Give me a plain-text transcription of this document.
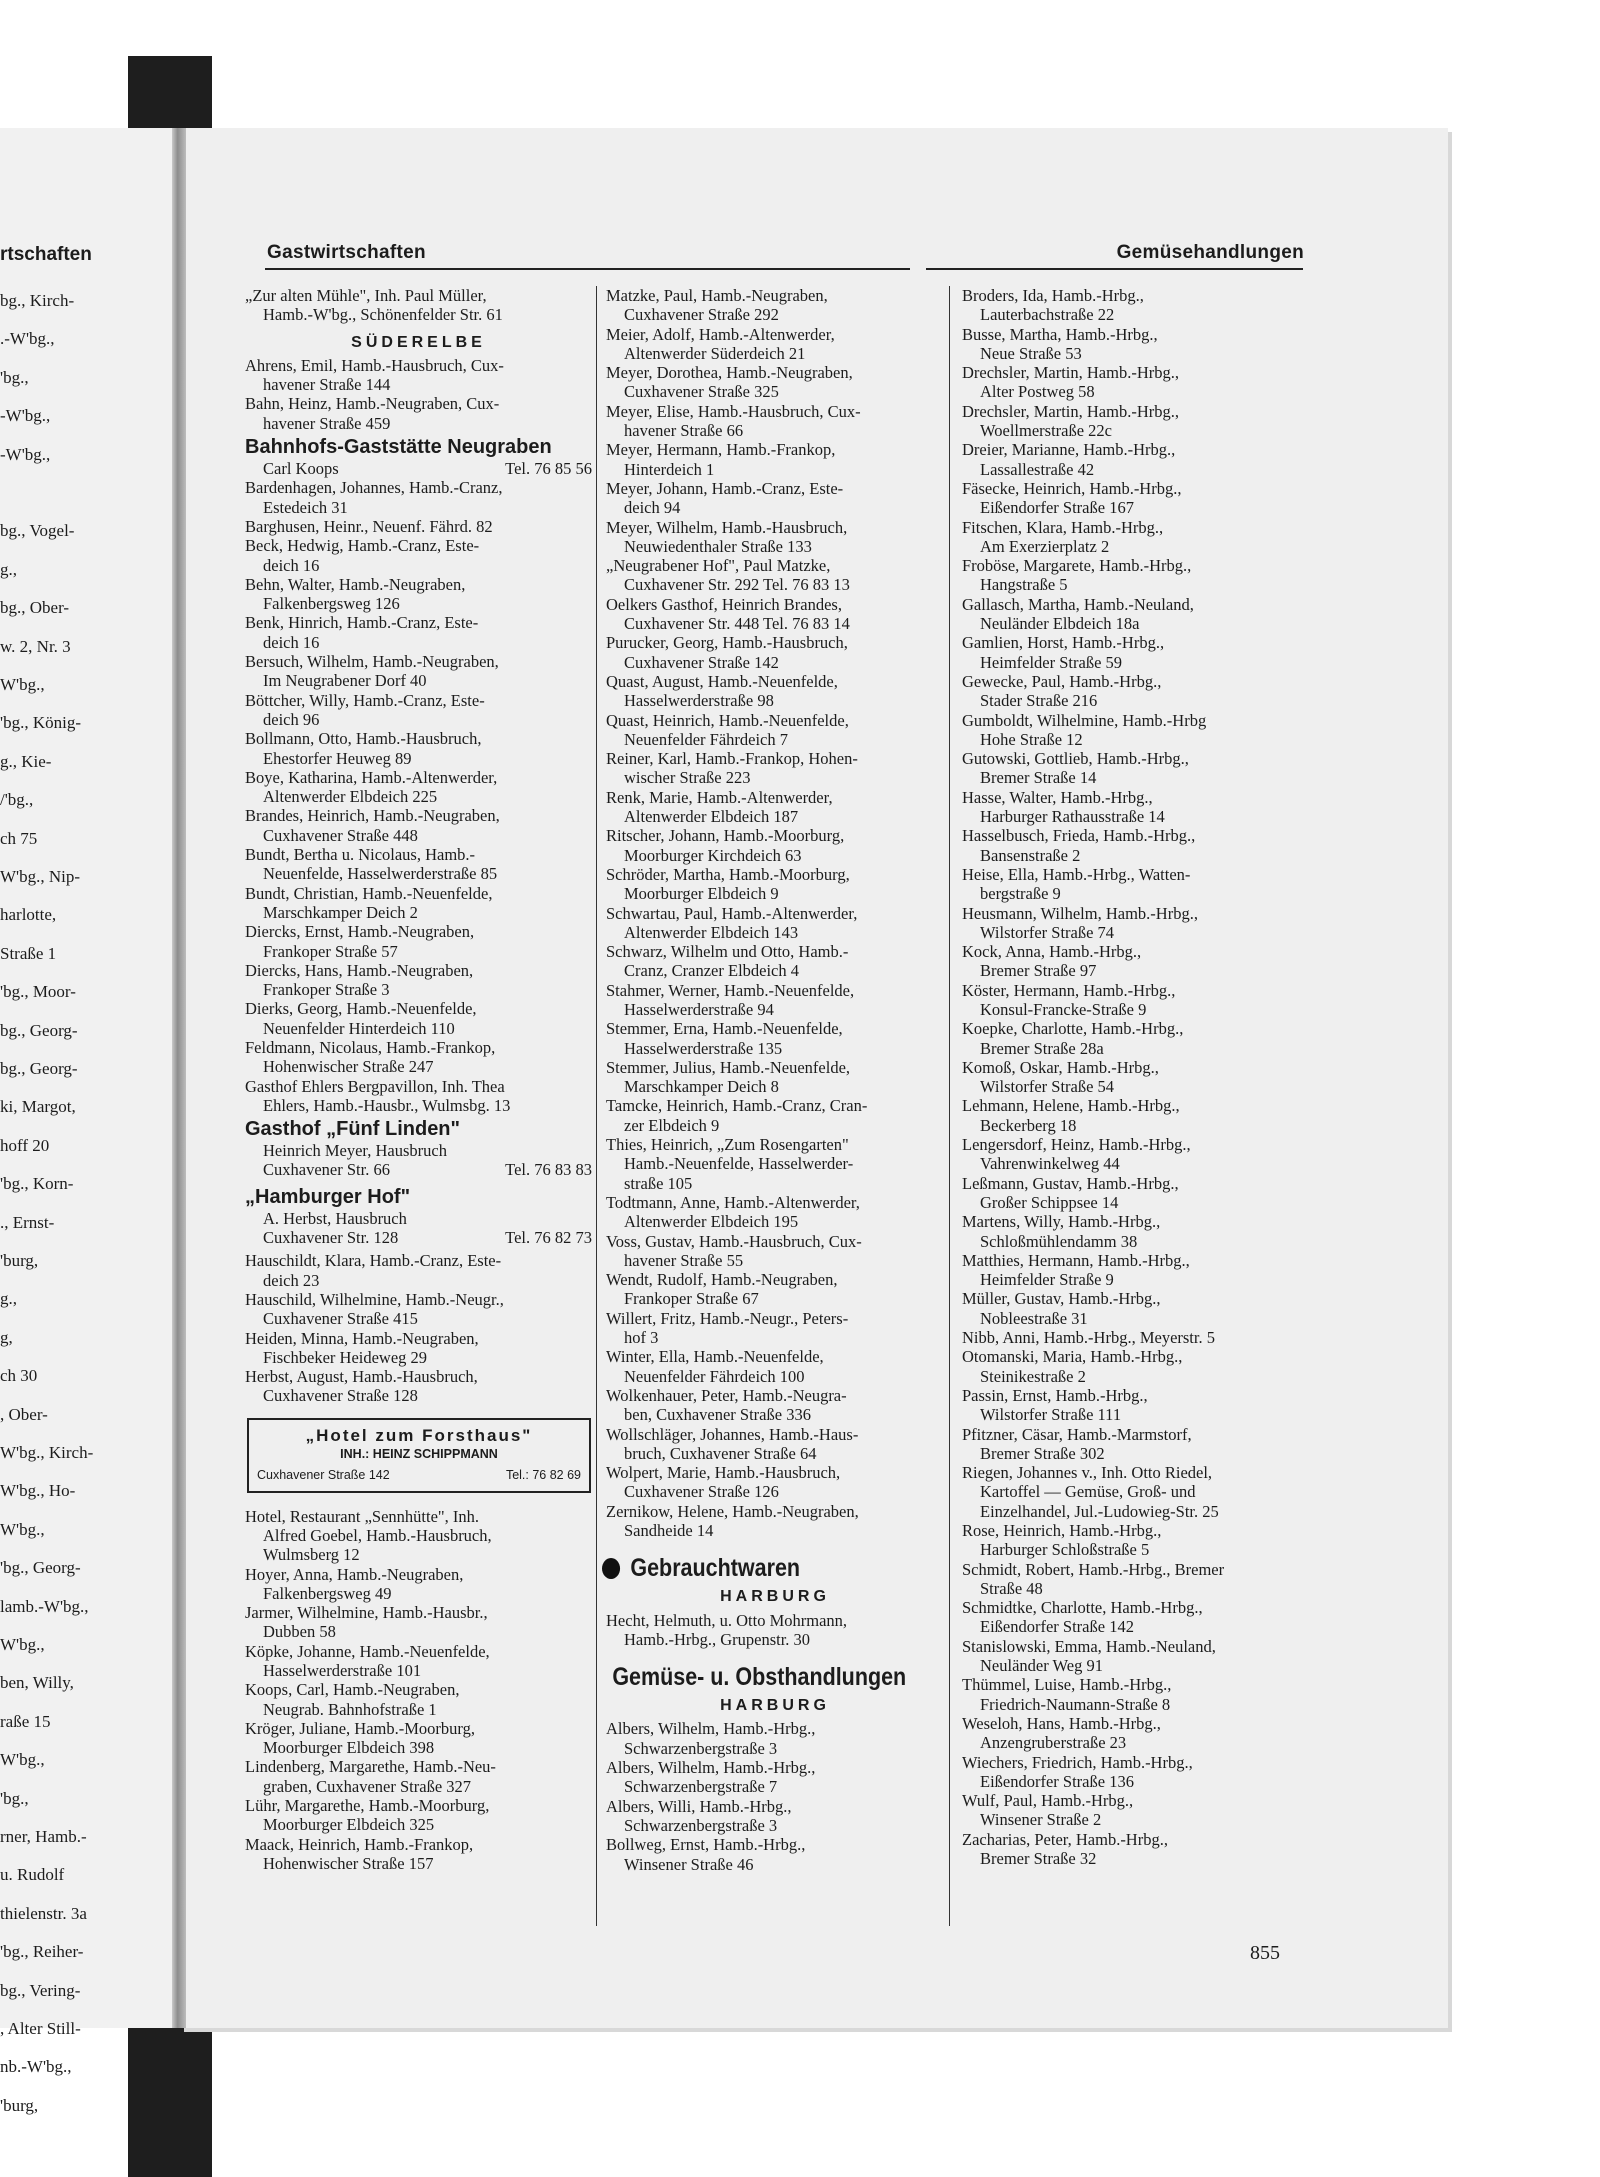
rtschaften
bg., Kirch-
.-W'bg.,
'bg.,
-W'bg.,
-W'bg.,
bg., Vogel-
g.,
bg., Ober-
w. 2, Nr. 3
W'bg.,
'bg., König-
g., Kie-
/'bg.,
ch 75
W'bg., Nip-
harlotte,
Straße 1
'bg., Moor-
bg., Georg-
bg., Georg-
ki, Margot,
hoff 20
'bg., Korn-
., Ernst-
'burg,
g.,
g,
ch 30
, Ober-
W'bg., Kirch-
W'bg., Ho-
W'bg.,
'bg., Georg-
lamb.-W'bg.,
W'bg.,
ben, Willy,
raße 15
W'bg.,
'bg.,
rner, Hamb.-
u. Rudolf
thielenstr. 3a
'bg., Reiher-
bg., Vering-
, Alter Still-
nb.-W'bg.,
'burg,
Gastwirtschaften	Gemüsehandlungen
„Zur alten Mühle", Inh. Paul Müller,
Hamb.-W'bg., Schönenfelder Str. 61
SÜDERELBE
Ahrens, Emil, Hamb.-Hausbruch, Cux-
havener Straße 144
Bahn, Heinz, Hamb.-Neugraben, Cux-
havener Straße 459
Bahnhofs-Gaststätte Neugraben
Carl Koops	Tel. 76 85 56
Bardenhagen, Johannes, Hamb.-Cranz,
Estedeich 31
Barghusen, Heinr., Neuenf. Fährd. 82
Beck, Hedwig, Hamb.-Cranz, Este-
deich 16
Behn, Walter, Hamb.-Neugraben,
Falkenbergsweg 126
Benk, Hinrich, Hamb.-Cranz, Este-
deich 16
Bersuch, Wilhelm, Hamb.-Neugraben,
Im Neugrabener Dorf 40
Böttcher, Willy, Hamb.-Cranz, Este-
deich 96
Bollmann, Otto, Hamb.-Hausbruch,
Ehestorfer Heuweg 89
Boye, Katharina, Hamb.-Altenwerder,
Altenwerder Elbdeich 225
Brandes, Heinrich, Hamb.-Neugraben,
Cuxhavener Straße 448
Bundt, Bertha u. Nicolaus, Hamb.-
Neuenfelde, Hasselwerderstraße 85
Bundt, Christian, Hamb.-Neuenfelde,
Marschkamper Deich 2
Diercks, Ernst, Hamb.-Neugraben,
Frankoper Straße 57
Diercks, Hans, Hamb.-Neugraben,
Frankoper Straße 3
Dierks, Georg, Hamb.-Neuenfelde,
Neuenfelder Hinterdeich 110
Feldmann, Nicolaus, Hamb.-Frankop,
Hohenwischer Straße 247
Gasthof Ehlers Bergpavillon, Inh. Thea
Ehlers, Hamb.-Hausbr., Wulmsbg. 13
Gasthof „Fünf Linden"
Heinrich Meyer, Hausbruch
Cuxhavener Str. 66	Tel. 76 83 83
„Hamburger Hof"
A. Herbst, Hausbruch
Cuxhavener Str. 128	Tel. 76 82 73
Hauschildt, Klara, Hamb.-Cranz, Este-
deich 23
Hauschild, Wilhelmine, Hamb.-Neugr.,
Cuxhavener Straße 415
Heiden, Minna, Hamb.-Neugraben,
Fischbeker Heideweg 29
Herbst, August, Hamb.-Hausbruch,
Cuxhavener Straße 128
„Hotel zum Forsthaus"
INH.: HEINZ SCHIPPMANN
Cuxhavener Straße 142	Tel.: 76 82 69
Hotel, Restaurant „Sennhütte", Inh.
Alfred Goebel, Hamb.-Hausbruch,
Wulmsberg 12
Hoyer, Anna, Hamb.-Neugraben,
Falkenbergsweg 49
Jarmer, Wilhelmine, Hamb.-Hausbr.,
Dubben 58
Köpke, Johanne, Hamb.-Neuenfelde,
Hasselwerderstraße 101
Koops, Carl, Hamb.-Neugraben,
Neugrab. Bahnhofstraße 1
Kröger, Juliane, Hamb.-Moorburg,
Moorburger Elbdeich 398
Lindenberg, Margarethe, Hamb.-Neu-
graben, Cuxhavener Straße 327
Lühr, Margarethe, Hamb.-Moorburg,
Moorburger Elbdeich 325
Maack, Heinrich, Hamb.-Frankop,
Hohenwischer Straße 157
Matzke, Paul, Hamb.-Neugraben,
Cuxhavener Straße 292
Meier, Adolf, Hamb.-Altenwerder,
Altenwerder Süderdeich 21
Meyer, Dorothea, Hamb.-Neugraben,
Cuxhavener Straße 325
Meyer, Elise, Hamb.-Hausbruch, Cux-
havener Straße 66
Meyer, Hermann, Hamb.-Frankop,
Hinterdeich 1
Meyer, Johann, Hamb.-Cranz, Este-
deich 94
Meyer, Wilhelm, Hamb.-Hausbruch,
Neuwiedenthaler Straße 133
„Neugrabener Hof", Paul Matzke,
Cuxhavener Str. 292 Tel. 76 83 13
Oelkers Gasthof, Heinrich Brandes,
Cuxhavener Str. 448 Tel. 76 83 14
Purucker, Georg, Hamb.-Hausbruch,
Cuxhavener Straße 142
Quast, August, Hamb.-Neuenfelde,
Hasselwerderstraße 98
Quast, Heinrich, Hamb.-Neuenfelde,
Neuenfelder Fährdeich 7
Reiner, Karl, Hamb.-Frankop, Hohen-
wischer Straße 223
Renk, Marie, Hamb.-Altenwerder,
Altenwerder Elbdeich 187
Ritscher, Johann, Hamb.-Moorburg,
Moorburger Kirchdeich 63
Schröder, Martha, Hamb.-Moorburg,
Moorburger Elbdeich 9
Schwartau, Paul, Hamb.-Altenwerder,
Altenwerder Elbdeich 143
Schwarz, Wilhelm und Otto, Hamb.-
Cranz, Cranzer Elbdeich 4
Stahmer, Werner, Hamb.-Neuenfelde,
Hasselwerderstraße 94
Stemmer, Erna, Hamb.-Neuenfelde,
Hasselwerderstraße 135
Stemmer, Julius, Hamb.-Neuenfelde,
Marschkamper Deich 8
Tamcke, Heinrich, Hamb.-Cranz, Cran-
zer Elbdeich 9
Thies, Heinrich, „Zum Rosengarten"
Hamb.-Neuenfelde, Hasselwerder-
straße 105
Todtmann, Anne, Hamb.-Altenwerder,
Altenwerder Elbdeich 195
Voss, Gustav, Hamb.-Hausbruch, Cux-
havener Straße 55
Wendt, Rudolf, Hamb.-Neugraben,
Frankoper Straße 67
Willert, Fritz, Hamb.-Neugr., Peters-
hof 3
Winter, Ella, Hamb.-Neuenfelde,
Neuenfelder Fährdeich 100
Wolkenhauer, Peter, Hamb.-Neugra-
ben, Cuxhavener Straße 336
Wollschläger, Johannes, Hamb.-Haus-
bruch, Cuxhavener Straße 64
Wolpert, Marie, Hamb.-Hausbruch,
Cuxhavener Straße 126
Zernikow, Helene, Hamb.-Neugraben,
Sandheide 14
Gebrauchtwaren
HARBURG
Hecht, Helmuth, u. Otto Mohrmann,
Hamb.-Hrbg., Grupenstr. 30
Gemüse- u. Obsthandlungen
HARBURG
Albers, Wilhelm, Hamb.-Hrbg.,
Schwarzenbergstraße 3
Albers, Wilhelm, Hamb.-Hrbg.,
Schwarzenbergstraße 7
Albers, Willi, Hamb.-Hrbg.,
Schwarzenbergstraße 3
Bollweg, Ernst, Hamb.-Hrbg.,
Winsener Straße 46
Broders, Ida, Hamb.-Hrbg.,
Lauterbachstraße 22
Busse, Martha, Hamb.-Hrbg.,
Neue Straße 53
Drechsler, Martin, Hamb.-Hrbg.,
Alter Postweg 58
Drechsler, Martin, Hamb.-Hrbg.,
Woellmerstraße 22c
Dreier, Marianne, Hamb.-Hrbg.,
Lassallestraße 42
Fäsecke, Heinrich, Hamb.-Hrbg.,
Eißendorfer Straße 167
Fitschen, Klara, Hamb.-Hrbg.,
Am Exerzierplatz 2
Froböse, Margarete, Hamb.-Hrbg.,
Hangstraße 5
Gallasch, Martha, Hamb.-Neuland,
Neuländer Elbdeich 18a
Gamlien, Horst, Hamb.-Hrbg.,
Heimfelder Straße 59
Gewecke, Paul, Hamb.-Hrbg.,
Stader Straße 216
Gumboldt, Wilhelmine, Hamb.-Hrbg
Hohe Straße 12
Gutowski, Gottlieb, Hamb.-Hrbg.,
Bremer Straße 14
Hasse, Walter, Hamb.-Hrbg.,
Harburger Rathausstraße 14
Hasselbusch, Frieda, Hamb.-Hrbg.,
Bansenstraße 2
Heise, Ella, Hamb.-Hrbg., Watten-
bergstraße 9
Heusmann, Wilhelm, Hamb.-Hrbg.,
Wilstorfer Straße 74
Kock, Anna, Hamb.-Hrbg.,
Bremer Straße 97
Köster, Hermann, Hamb.-Hrbg.,
Konsul-Francke-Straße 9
Koepke, Charlotte, Hamb.-Hrbg.,
Bremer Straße 28a
Komoß, Oskar, Hamb.-Hrbg.,
Wilstorfer Straße 54
Lehmann, Helene, Hamb.-Hrbg.,
Beckerberg 18
Lengersdorf, Heinz, Hamb.-Hrbg.,
Vahrenwinkelweg 44
Leßmann, Gustav, Hamb.-Hrbg.,
Großer Schippsee 14
Martens, Willy, Hamb.-Hrbg.,
Schloßmühlendamm 38
Matthies, Hermann, Hamb.-Hrbg.,
Heimfelder Straße 9
Müller, Gustav, Hamb.-Hrbg.,
Nobleestraße 31
Nibb, Anni, Hamb.-Hrbg., Meyerstr. 5
Otomanski, Maria, Hamb.-Hrbg.,
Steinikestraße 2
Passin, Ernst, Hamb.-Hrbg.,
Wilstorfer Straße 111
Pfitzner, Cäsar, Hamb.-Marmstorf,
Bremer Straße 302
Riegen, Johannes v., Inh. Otto Riedel,
Kartoffel — Gemüse, Groß- und
Einzelhandel, Jul.-Ludowieg-Str. 25
Rose, Heinrich, Hamb.-Hrbg.,
Harburger Schloßstraße 5
Schmidt, Robert, Hamb.-Hrbg., Bremer
Straße 48
Schmidtke, Charlotte, Hamb.-Hrbg.,
Eißendorfer Straße 142
Stanislowski, Emma, Hamb.-Neuland,
Neuländer Weg 91
Thümmel, Luise, Hamb.-Hrbg.,
Friedrich-Naumann-Straße 8
Weseloh, Hans, Hamb.-Hrbg.,
Anzengruberstraße 23
Wiechers, Friedrich, Hamb.-Hrbg.,
Eißendorfer Straße 136
Wulf, Paul, Hamb.-Hrbg.,
Winsener Straße 2
Zacharias, Peter, Hamb.-Hrbg.,
Bremer Straße 32
855
